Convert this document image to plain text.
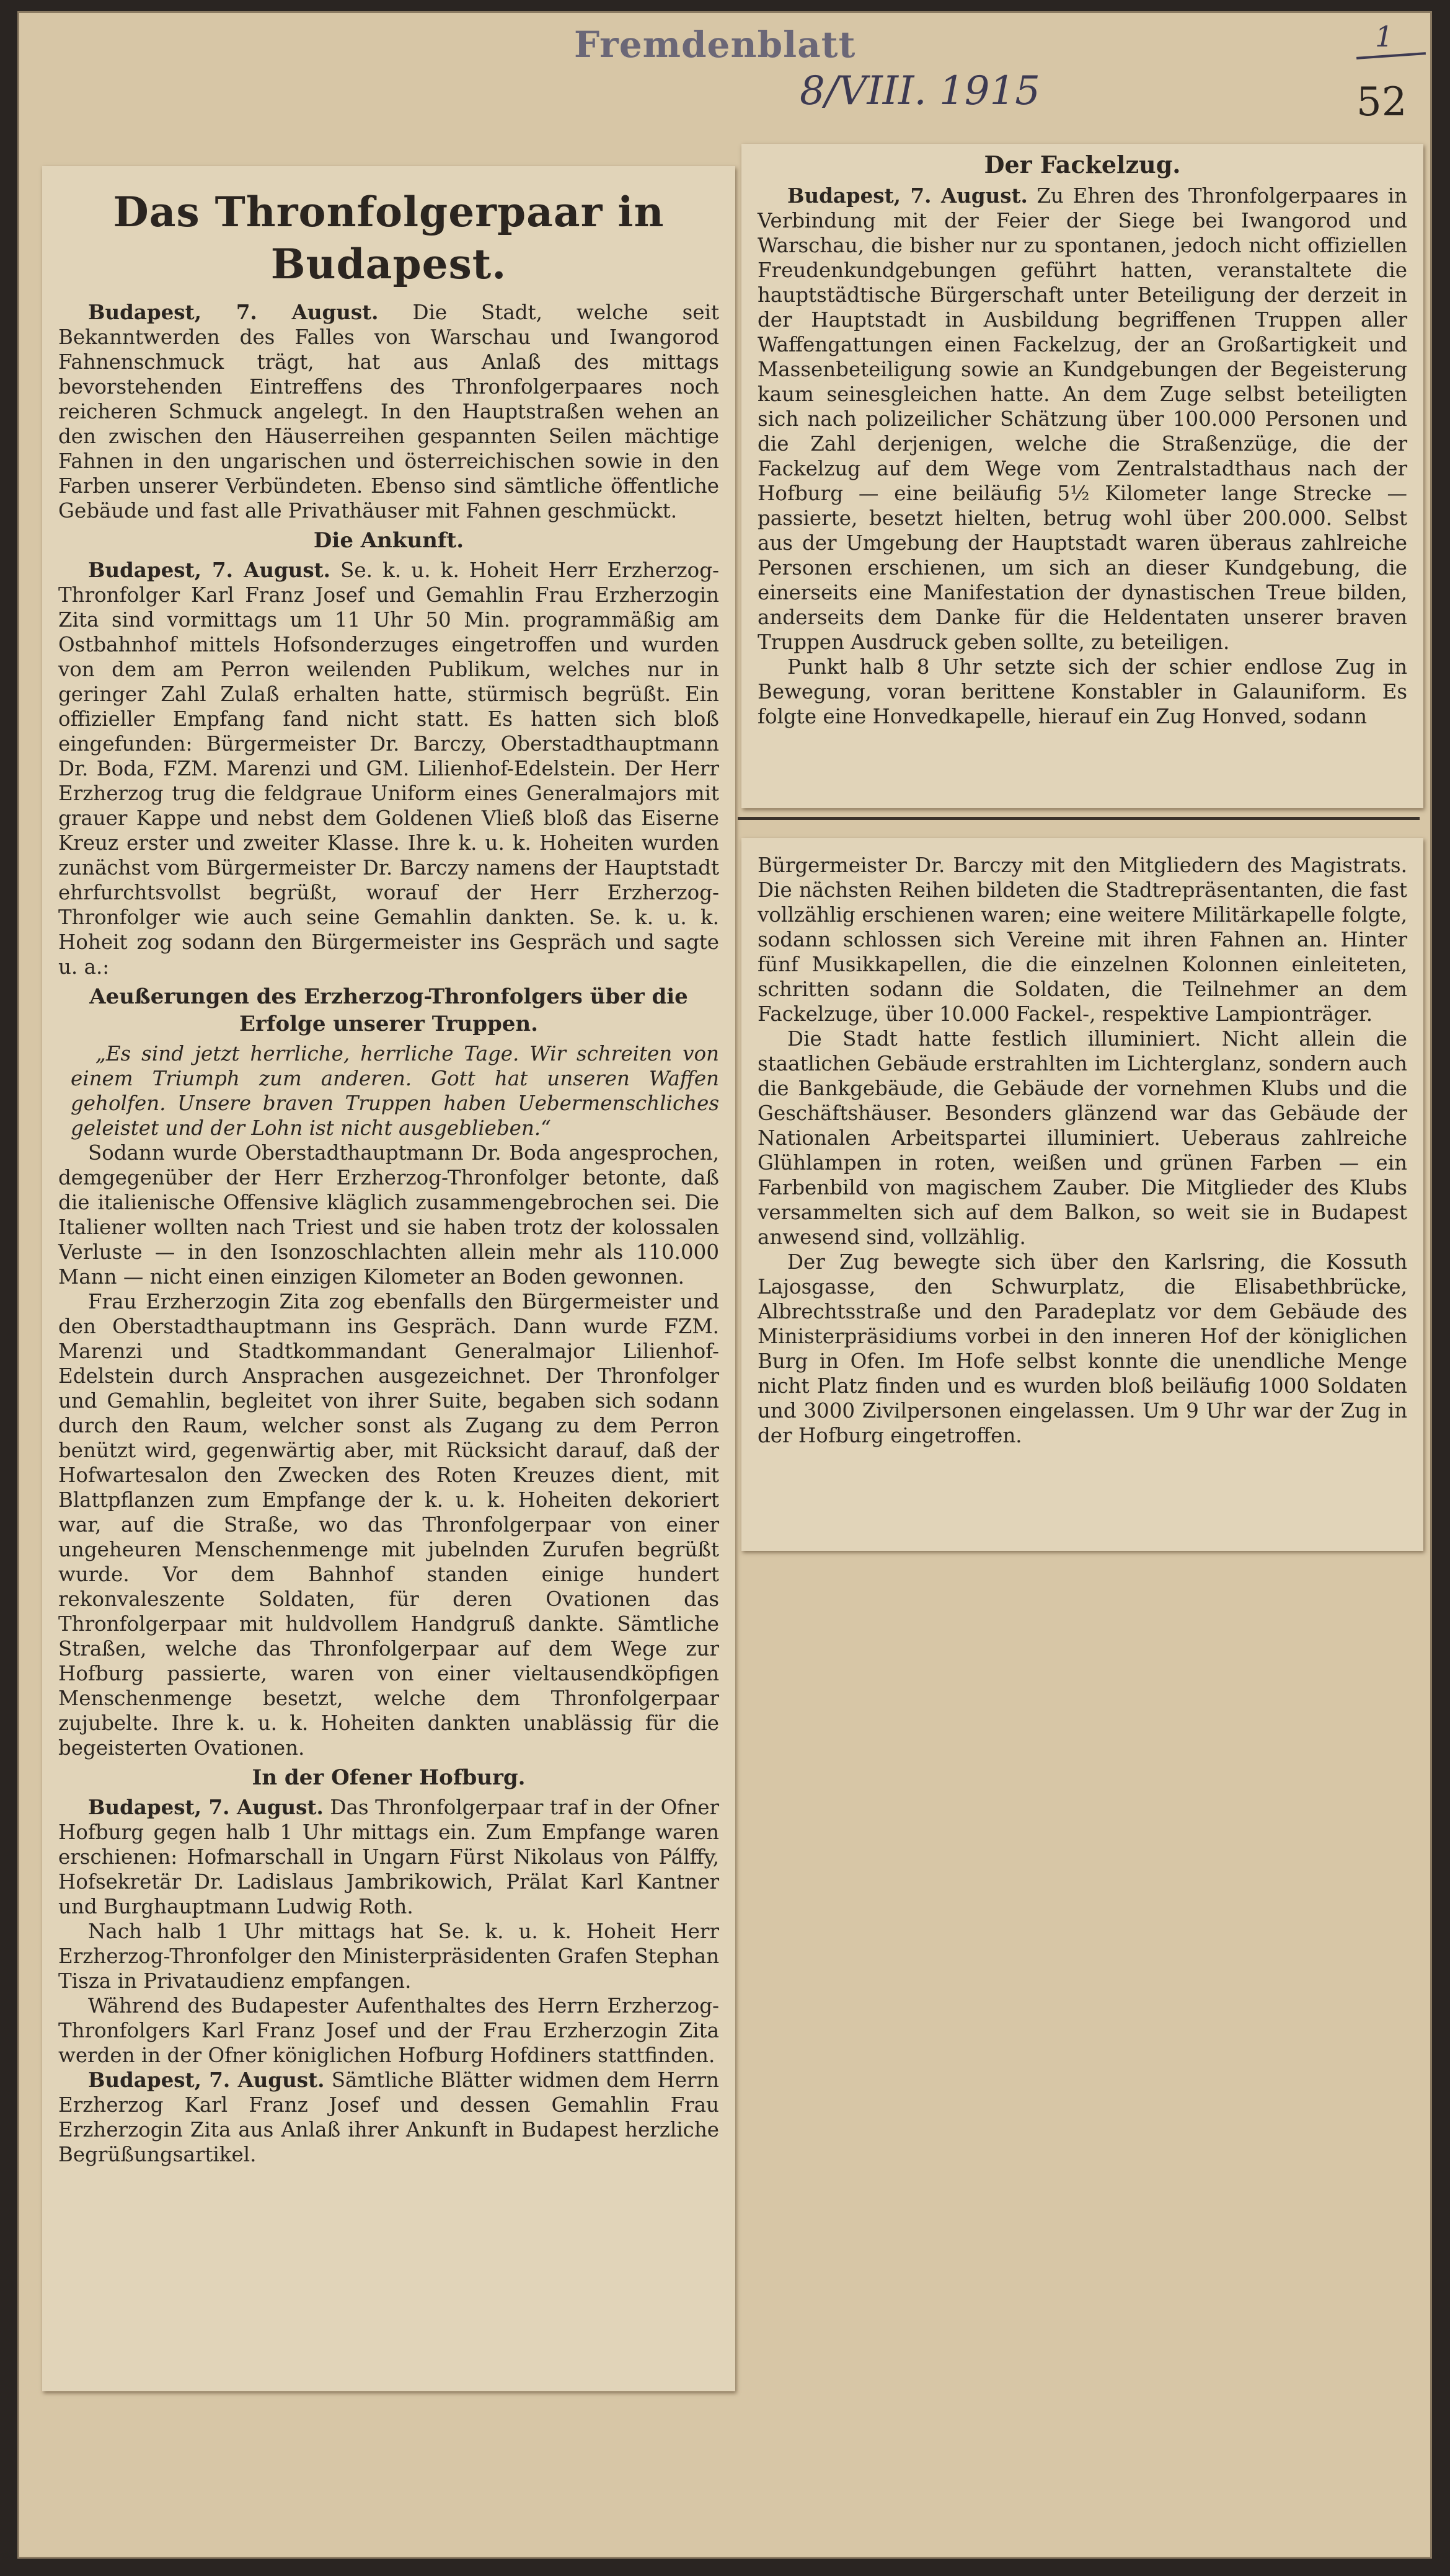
Fremdenblatt
8/VIII. 1915
1
52
Das Thronfolgerpaar in Budapest.

Budapest, 7. August. Die Stadt, welche seit Bekanntwerden des Falles von Warschau und Iwangorod Fahnenschmuck trägt, hat aus Anlaß des mittags bevorstehenden Eintreffens des Thronfolgerpaares noch reicheren Schmuck angelegt. In den Hauptstraßen wehen an den zwischen den Häuserreihen gespannten Seilen mächtige Fahnen in den ungarischen und österreichischen sowie in den Farben unserer Verbündeten. Ebenso sind sämtliche öffentliche Gebäude und fast alle Privathäuser mit Fahnen geschmückt.

Die Ankunft.

Budapest, 7. August. Se. k. u. k. Hoheit Herr Erzherzog-Thronfolger Karl Franz Josef und Gemahlin Frau Erzherzogin Zita sind vormittags um 11 Uhr 50 Min. programmäßig am Ostbahnhof mittels Hofsonderzuges eingetroffen und wurden von dem am Perron weilenden Publikum, welches nur in geringer Zahl Zulaß erhalten hatte, stürmisch begrüßt. Ein offizieller Empfang fand nicht statt. Es hatten sich bloß eingefunden: Bürgermeister Dr. Barczy, Oberstadthauptmann Dr. Boda, FZM. Marenzi und GM. Lilienhof-Edelstein. Der Herr Erzherzog trug die feldgraue Uniform eines Generalmajors mit grauer Kappe und nebst dem Goldenen Vließ bloß das Eiserne Kreuz erster und zweiter Klasse. Ihre k. u. k. Hoheiten wurden zunächst vom Bürgermeister Dr. Barczy namens der Hauptstadt ehrfurchtsvollst begrüßt, worauf der Herr Erzherzog-Thronfolger wie auch seine Gemahlin dankten. Se. k. u. k. Hoheit zog sodann den Bürgermeister ins Gespräch und sagte u. a.:

Aeußerungen des Erzherzog-Thronfolgers über die Erfolge unserer Truppen.

„Es sind jetzt herrliche, herrliche Tage. Wir schreiten von einem Triumph zum anderen. Gott hat unseren Waffen geholfen. Unsere braven Truppen haben Uebermenschliches geleistet und der Lohn ist nicht ausgeblieben.“

Sodann wurde Oberstadthauptmann Dr. Boda angesprochen, demgegenüber der Herr Erzherzog-Thronfolger betonte, daß die italienische Offensive kläglich zusammengebrochen sei. Die Italiener wollten nach Triest und sie haben trotz der kolossalen Verluste — in den Isonzoschlachten allein mehr als 110.000 Mann — nicht einen einzigen Kilometer an Boden gewonnen.

Frau Erzherzogin Zita zog ebenfalls den Bürgermeister und den Oberstadthauptmann ins Gespräch. Dann wurde FZM. Marenzi und Stadtkommandant Generalmajor Lilienhof-Edelstein durch Ansprachen ausgezeichnet. Der Thronfolger und Gemahlin, begleitet von ihrer Suite, begaben sich sodann durch den Raum, welcher sonst als Zugang zu dem Perron benützt wird, gegenwärtig aber, mit Rücksicht darauf, daß der Hofwartesalon den Zwecken des Roten Kreuzes dient, mit Blattpflanzen zum Empfange der k. u. k. Hoheiten dekoriert war, auf die Straße, wo das Thronfolgerpaar von einer ungeheuren Menschenmenge mit jubelnden Zurufen begrüßt wurde. Vor dem Bahnhof standen einige hundert rekonvaleszente Soldaten, für deren Ovationen das Thronfolgerpaar mit huldvollem Handgruß dankte. Sämtliche Straßen, welche das Thronfolgerpaar auf dem Wege zur Hofburg passierte, waren von einer vieltausendköpfigen Menschenmenge besetzt, welche dem Thronfolgerpaar zujubelte. Ihre k. u. k. Hoheiten dankten unablässig für die begeisterten Ovationen.

In der Ofener Hofburg.

Budapest, 7. August. Das Thronfolgerpaar traf in der Ofner Hofburg gegen halb 1 Uhr mittags ein. Zum Empfange waren erschienen: Hofmarschall in Ungarn Fürst Nikolaus von Pálffy, Hofsekretär Dr. Ladislaus Jambrikowich, Prälat Karl Kantner und Burghauptmann Ludwig Roth.

Nach halb 1 Uhr mittags hat Se. k. u. k. Hoheit Herr Erzherzog-Thronfolger den Ministerpräsidenten Grafen Stephan Tisza in Privataudienz empfangen.

Während des Budapester Aufenthaltes des Herrn Erzherzog-Thronfolgers Karl Franz Josef und der Frau Erzherzogin Zita werden in der Ofner königlichen Hofburg Hofdiners stattfinden.

Budapest, 7. August. Sämtliche Blätter widmen dem Herrn Erzherzog Karl Franz Josef und dessen Gemahlin Frau Erzherzogin Zita aus Anlaß ihrer Ankunft in Budapest herzliche Begrüßungsartikel.

Der Fackelzug.

Budapest, 7. August. Zu Ehren des Thronfolgerpaares in Verbindung mit der Feier der Siege bei Iwangorod und Warschau, die bisher nur zu spontanen, jedoch nicht offiziellen Freudenkundgebungen geführt hatten, veranstaltete die hauptstädtische Bürgerschaft unter Beteiligung der derzeit in der Hauptstadt in Ausbildung begriffenen Truppen aller Waffengattungen einen Fackelzug, der an Großartigkeit und Massenbeteiligung sowie an Kundgebungen der Begeisterung kaum seinesgleichen hatte. An dem Zuge selbst beteiligten sich nach polizeilicher Schätzung über 100.000 Personen und die Zahl derjenigen, welche die Straßenzüge, die der Fackelzug auf dem Wege vom Zentralstadthaus nach der Hofburg — eine beiläufig 5½ Kilometer lange Strecke — passierte, besetzt hielten, betrug wohl über 200.000. Selbst aus der Umgebung der Hauptstadt waren überaus zahlreiche Personen erschienen, um sich an dieser Kundgebung, die einerseits eine Manifestation der dynastischen Treue bilden, anderseits dem Danke für die Heldentaten unserer braven Truppen Ausdruck geben sollte, zu beteiligen.

Punkt halb 8 Uhr setzte sich der schier endlose Zug in Bewegung, voran berittene Konstabler in Galauniform. Es folgte eine Honvedkapelle, hierauf ein Zug Honved, sodann

Bürgermeister Dr. Barczy mit den Mitgliedern des Magistrats. Die nächsten Reihen bildeten die Stadtrepräsentanten, die fast vollzählig erschienen waren; eine weitere Militärkapelle folgte, sodann schlossen sich Vereine mit ihren Fahnen an. Hinter fünf Musikkapellen, die die einzelnen Kolonnen einleiteten, schritten sodann die Soldaten, die Teilnehmer an dem Fackelzuge, über 10.000 Fackel-, respektive Lampionträger.

Die Stadt hatte festlich illuminiert. Nicht allein die staatlichen Gebäude erstrahlten im Lichterglanz, sondern auch die Bankgebäude, die Gebäude der vornehmen Klubs und die Geschäftshäuser. Besonders glänzend war das Gebäude der Nationalen Arbeitspartei illuminiert. Ueberaus zahlreiche Glühlampen in roten, weißen und grünen Farben — ein Farbenbild von magischem Zauber. Die Mitglieder des Klubs versammelten sich auf dem Balkon, so weit sie in Budapest anwesend sind, vollzählig.

Der Zug bewegte sich über den Karlsring, die Kossuth Lajosgasse, den Schwurplatz, die Elisabethbrücke, Albrechtsstraße und den Paradeplatz vor dem Gebäude des Ministerpräsidiums vorbei in den inneren Hof der königlichen Burg in Ofen. Im Hofe selbst konnte die unendliche Menge nicht Platz finden und es wurden bloß beiläufig 1000 Soldaten und 3000 Zivilpersonen eingelassen. Um 9 Uhr war der Zug in der Hofburg eingetroffen.
